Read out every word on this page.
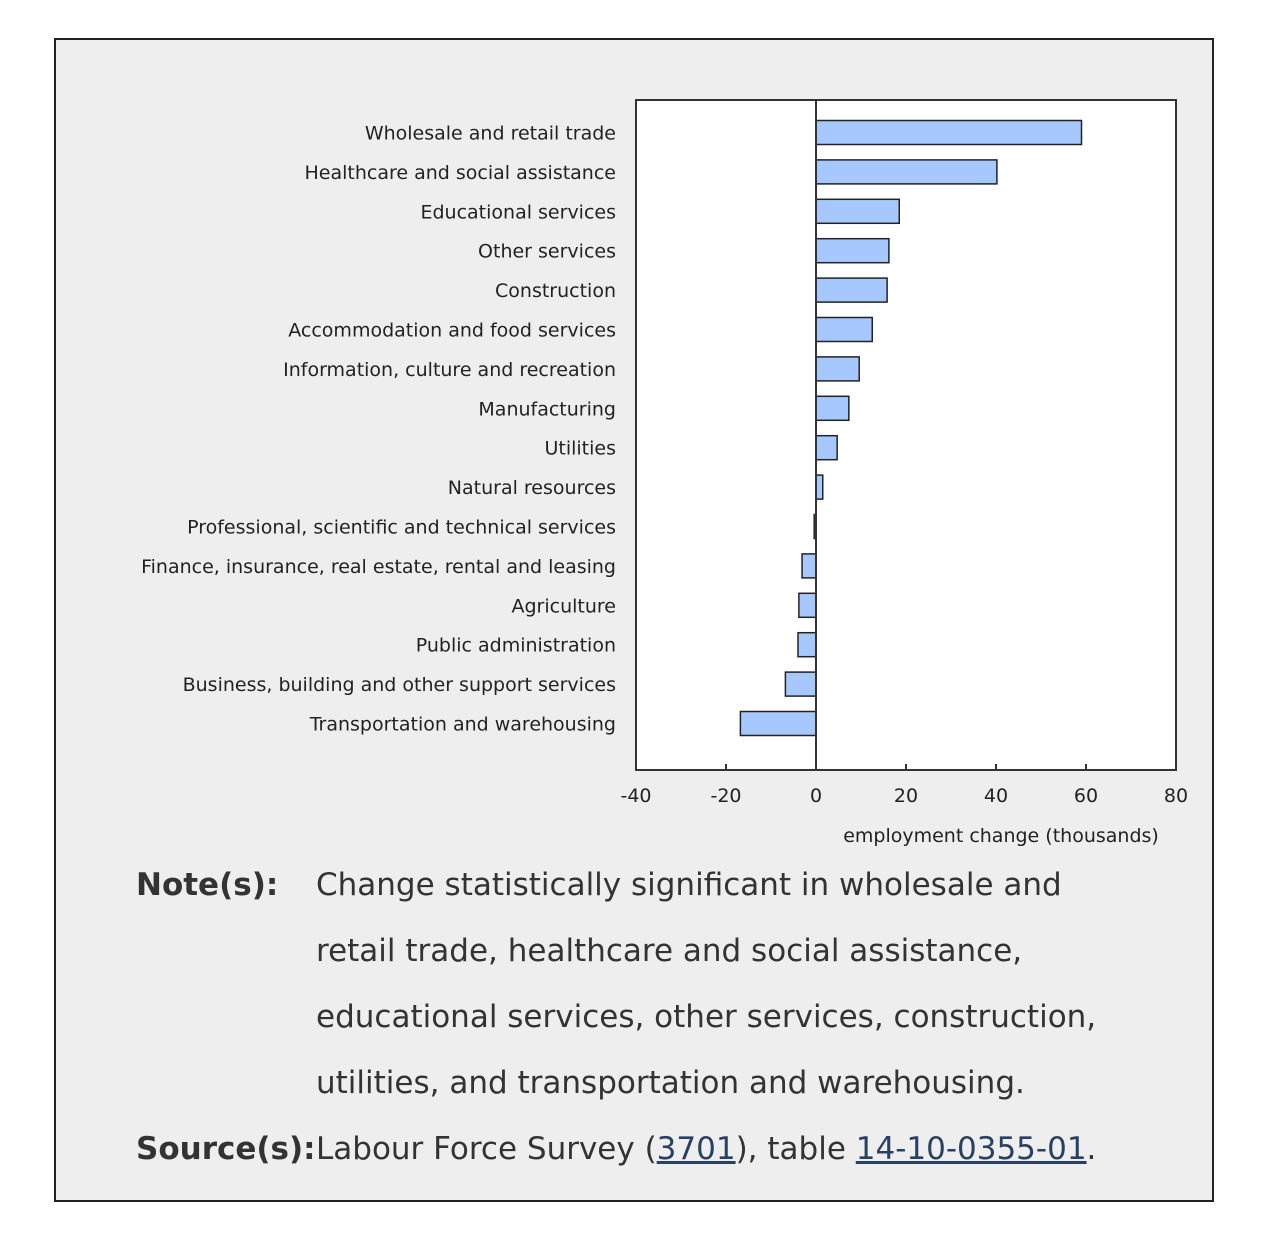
Wholesale and retail trade
Healthcare and social assistance
Educational services
Other services
Construction
Accommodation and food services
Information, culture and recreation
Manufacturing
Utilities
Natural resources
Professional, scientific and technical services
Finance, insurance, real estate, rental and leasing
Agriculture
Public administration
Business, building and other support services
Transportation and warehousing
-40	-20	0	20	40	60	80
employment change (thousands)
Note(s):	Change statistically significant in wholesale and retail trade, healthcare and social assistance, educational services, other services, construction, utilities, and transportation and warehousing.
Source(s): Labour Force Survey (3701), table 14-10-0355-01.
